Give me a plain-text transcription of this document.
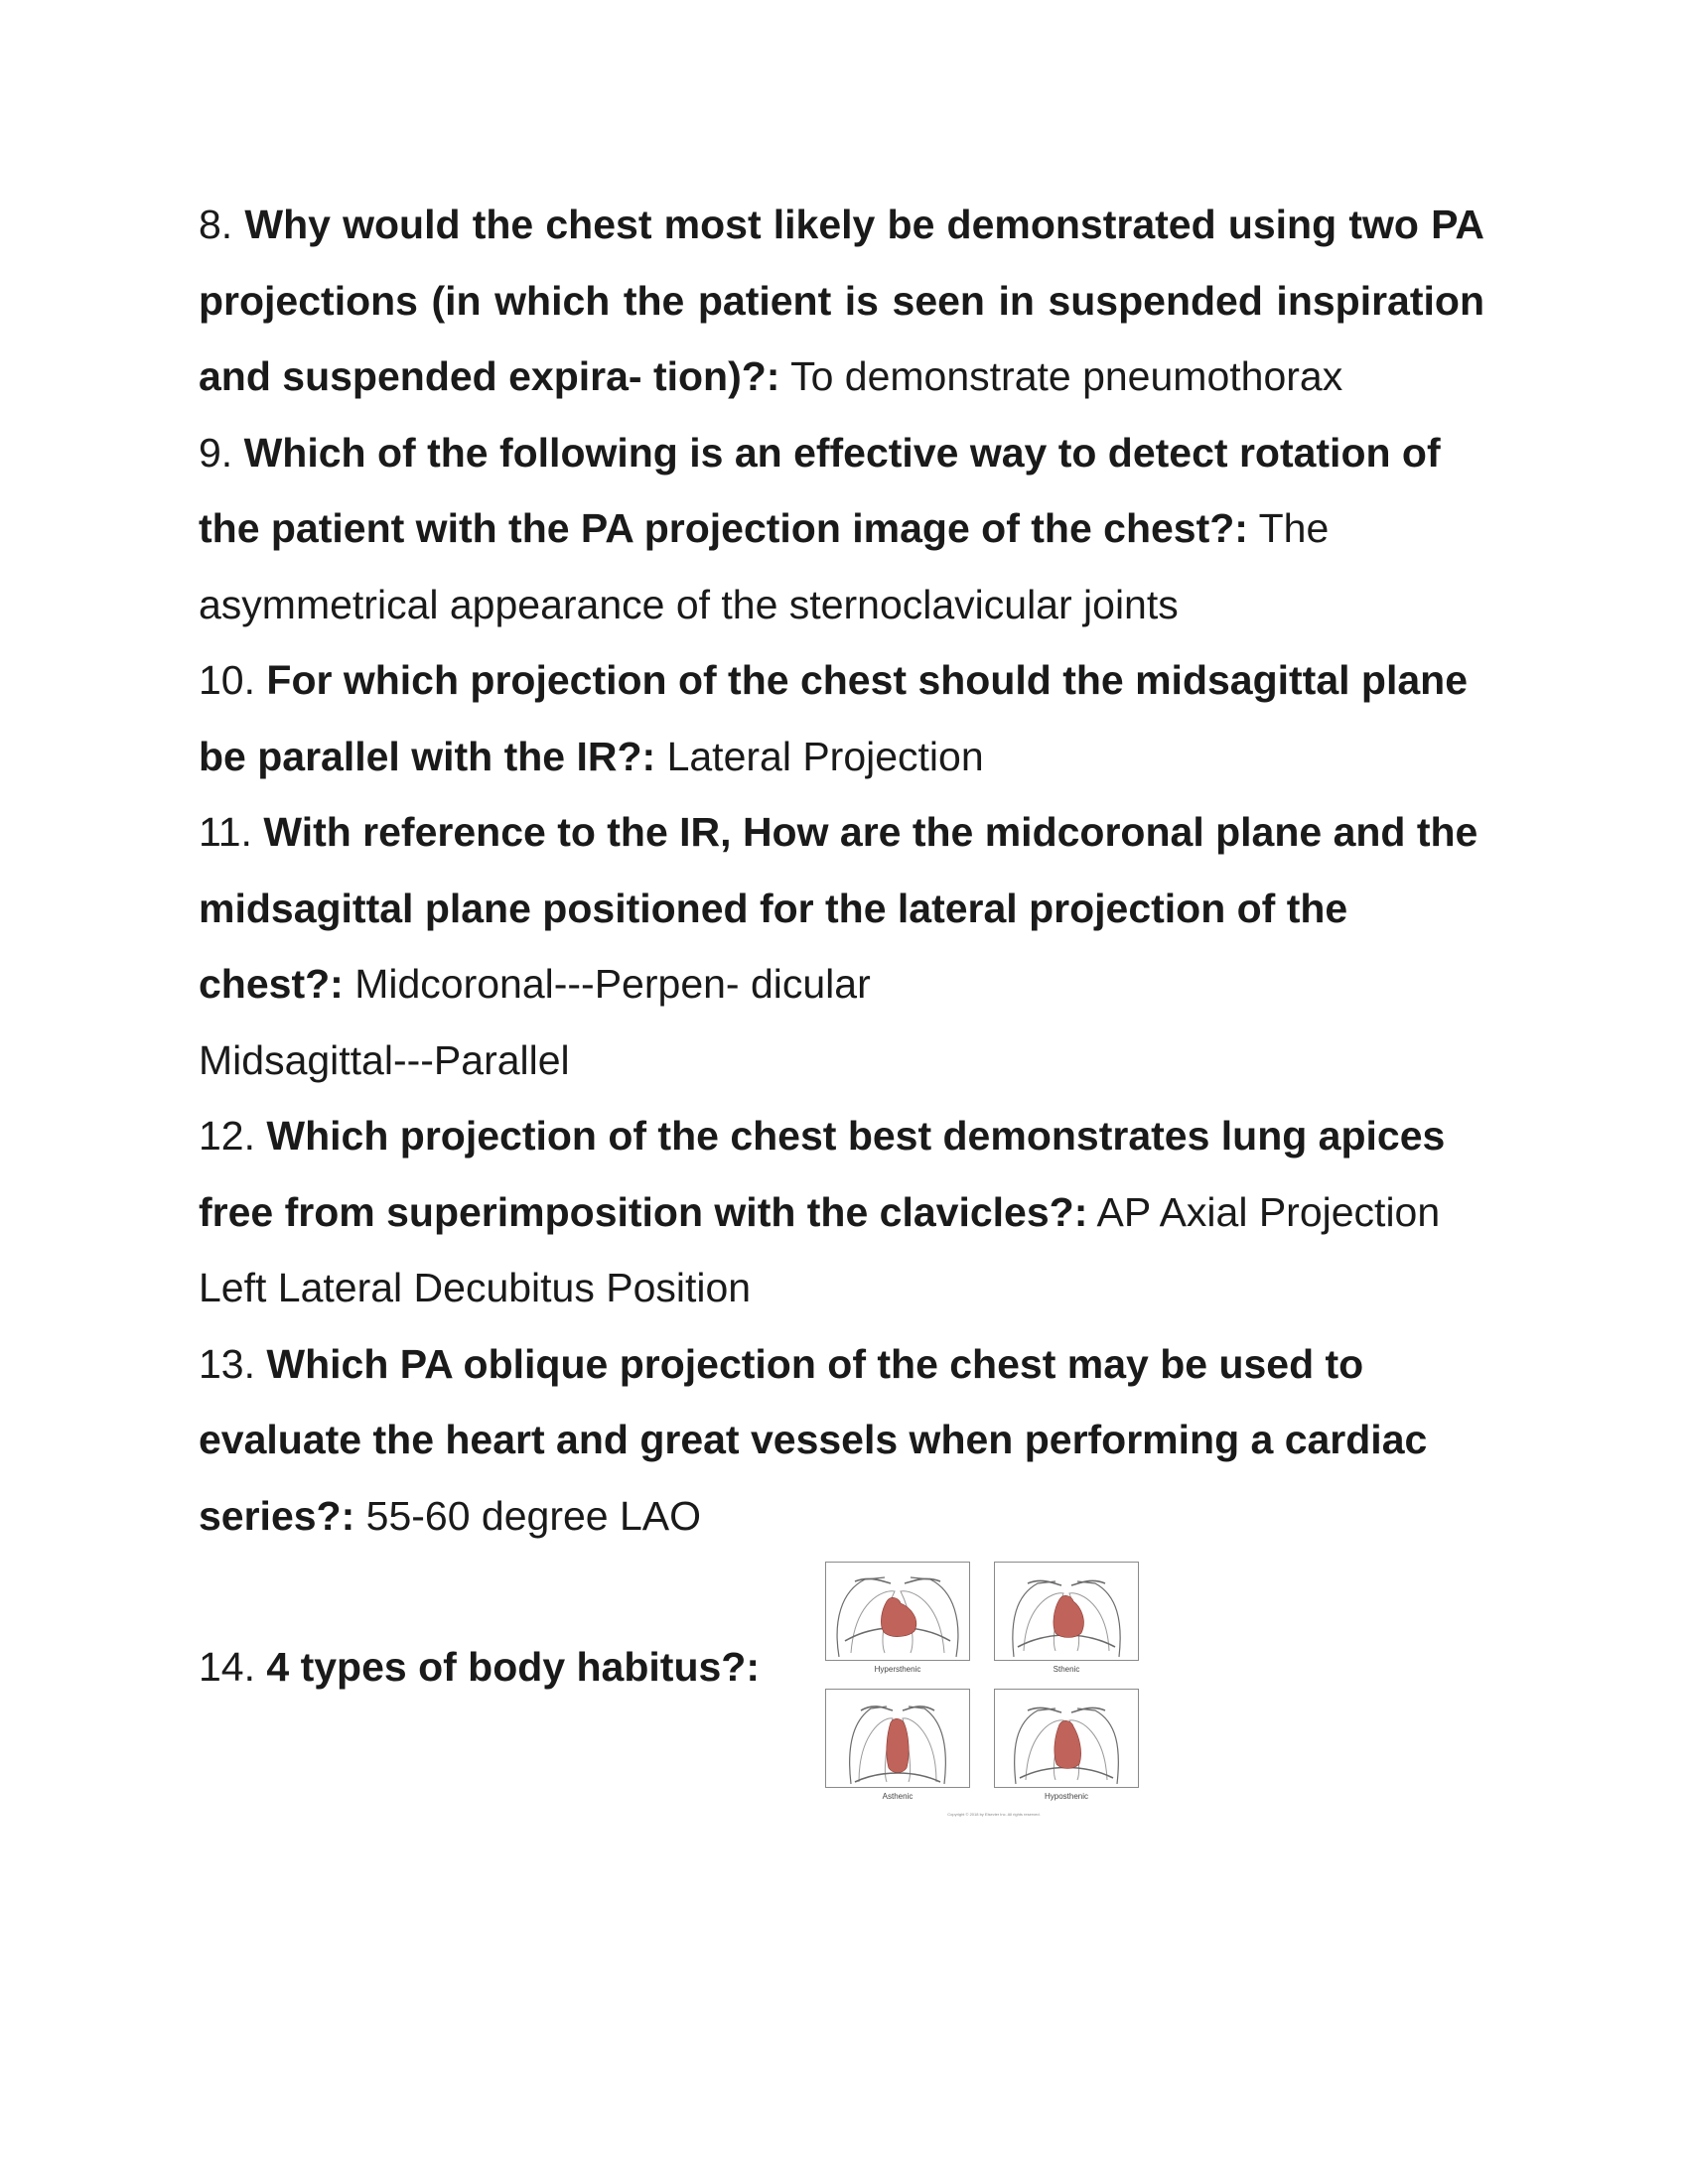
8. Why would the chest most likely be demonstrated using two PA projections (in which the patient is seen in suspended inspiration and suspended expira- tion)?: To demonstrate pneumothorax

9. Which of the following is an effective way to detect rotation of the patient with the PA projection image of the chest?: The asymmetrical appearance of the sternoclavicular joints

10. For which projection of the chest should the midsagittal plane be parallel with the IR?: Lateral Projection

11. With reference to the IR, How are the midcoronal plane and the midsagittal plane positioned for the lateral projection of the chest?: Midcoronal---Perpen- dicular
Midsagittal---Parallel

12. Which projection of the chest best demonstrates lung apices free from superimposition with the clavicles?: AP Axial Projection
Left Lateral Decubitus Position

13. Which PA oblique projection of the chest may be used to evaluate the heart and great vessels when performing a cardiac series?: 55-60 degree LAO

14. 4 types of body habitus?:	Hypersthenic	Sthenic
Asthenic	Hyposthenic
Copyright © 2018 by Elsevier Inc. All rights reserved.
